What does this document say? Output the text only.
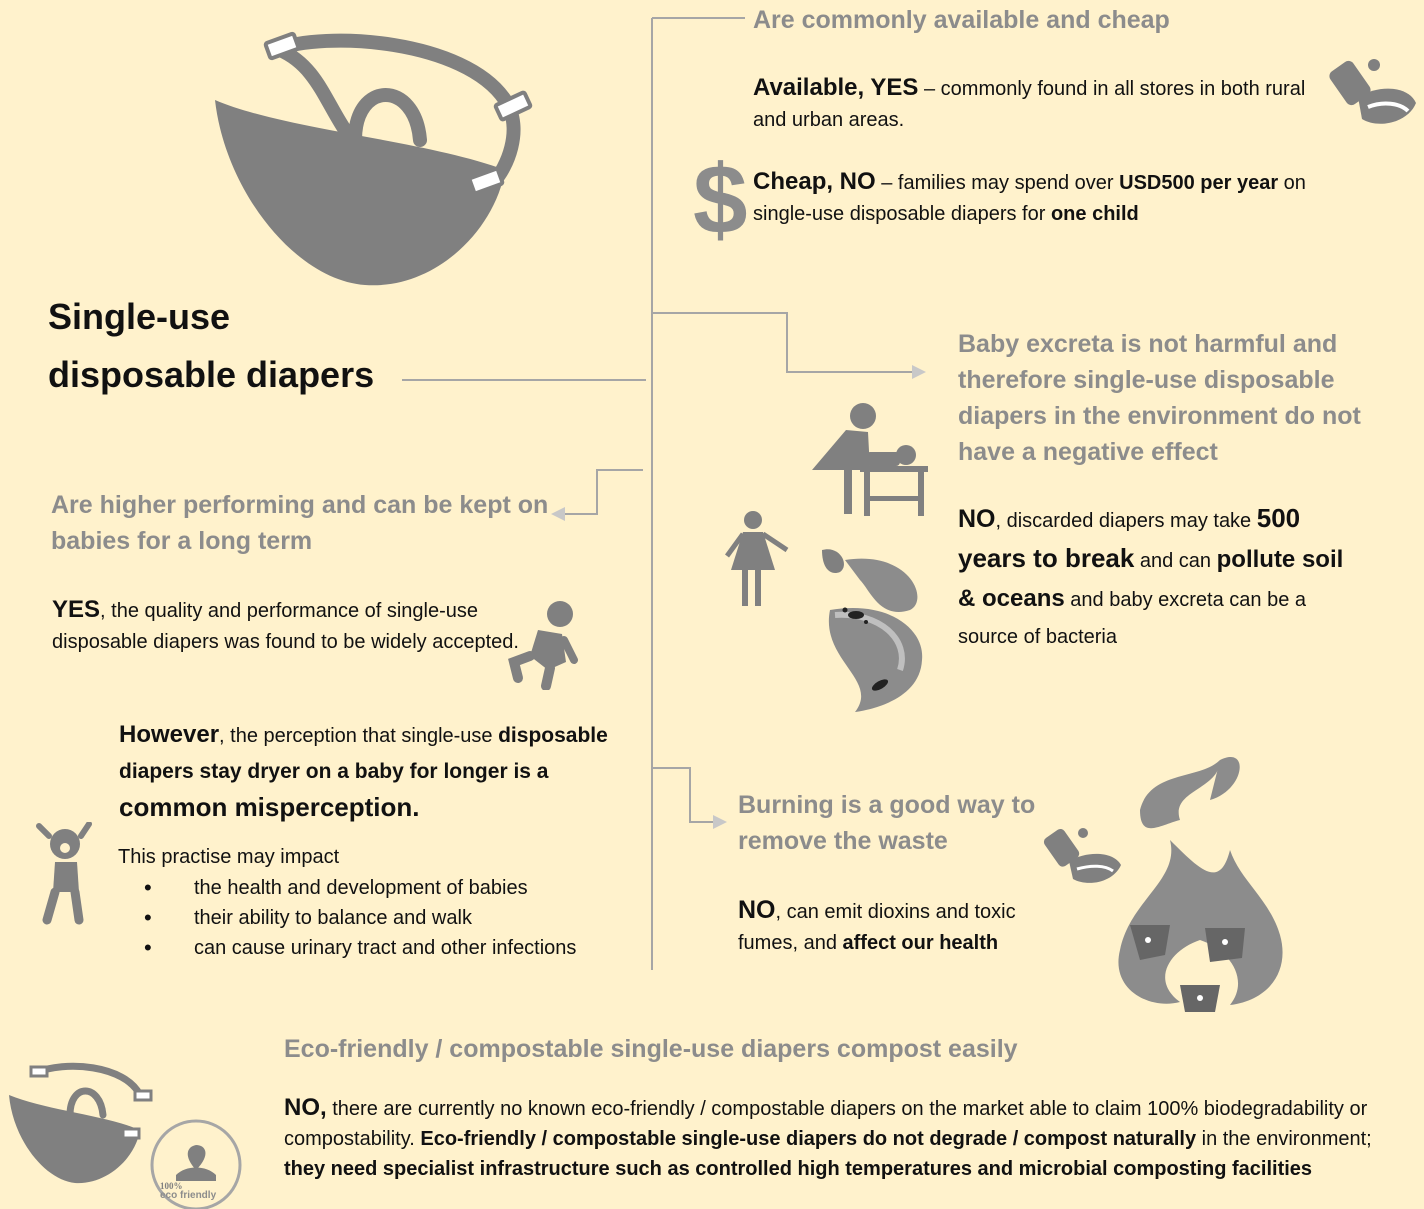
Single-use
disposable diapers
Are commonly available and cheap
Available, YES – commonly found in all stores in both rural and urban areas.
$ Cheap, NO – families may spend over USD500 per year on single-use disposable diapers for one child
Baby excreta is not harmful and therefore single-use disposable diapers in the environment do not have a negative effect
NO, discarded diapers may take 500 years to break and can pollute soil & oceans and baby excreta can be a source of bacteria
Are higher performing and can be kept on babies for a long term
YES, the quality and performance of single-use disposable diapers was found to be widely accepted.
However, the perception that single-use disposable diapers stay dryer on a baby for longer is a common misperception.
This practise may impact
• the health and development of babies
• their ability to balance and walk
• can cause urinary tract and other infections
Burning is a good way to remove the waste
NO, can emit dioxins and toxic fumes, and affect our health
100%
eco friendly
Eco-friendly / compostable single-use diapers compost easily
NO, there are currently no known eco-friendly / compostable diapers on the market able to claim 100% biodegradability or compostability. Eco-friendly / compostable single-use diapers do not degrade / compost naturally in the environment; they need specialist infrastructure such as controlled high temperatures and microbial composting facilities
